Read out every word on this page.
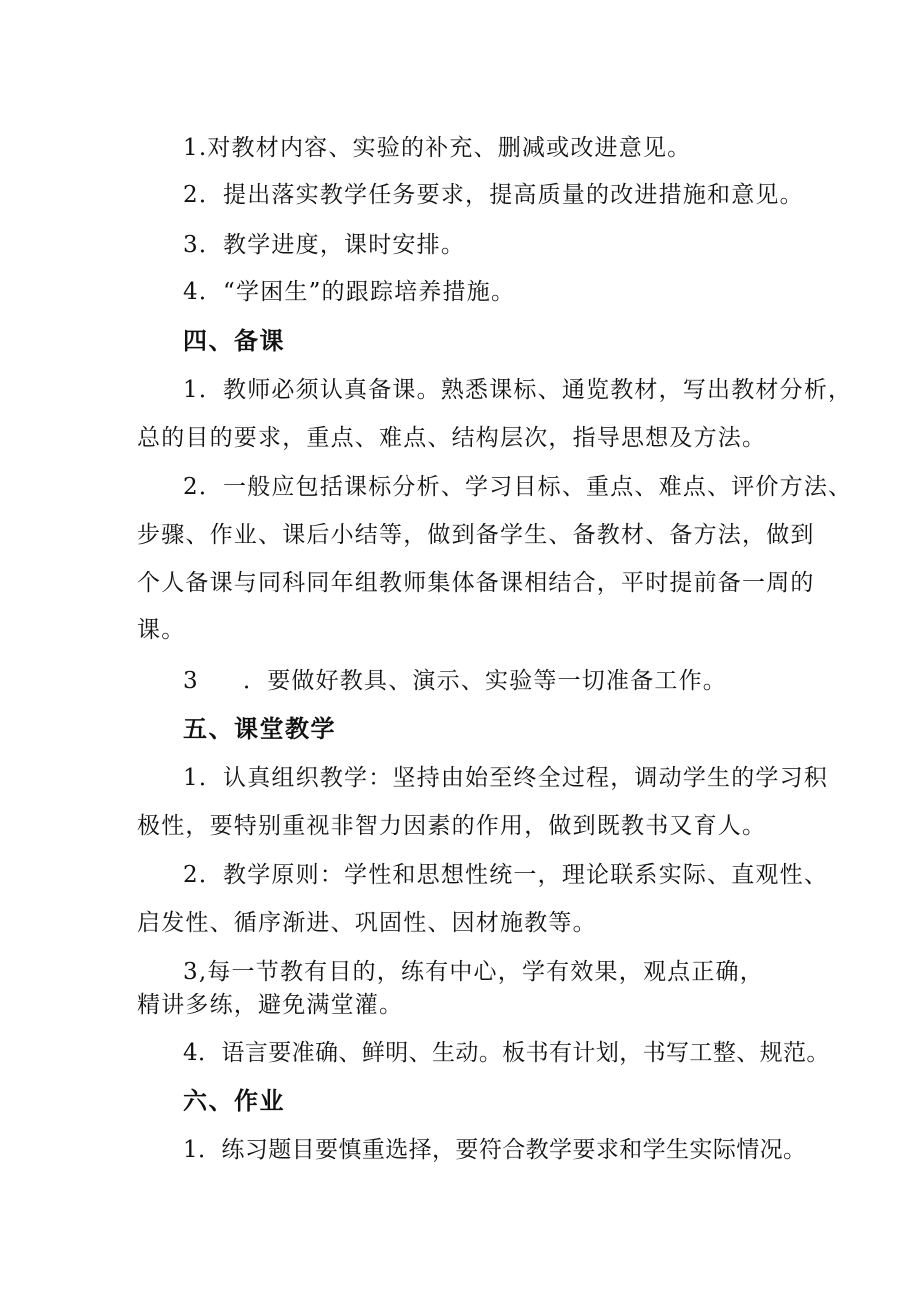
1.对教材内容、实验的补充、删减或改进意见。
2．提出落实教学任务要求，提高质量的改进措施和意见。
3．教学进度，课时安排。
4．“学困生”的跟踪培养措施。
四、备课
1．教师必须认真备课。熟悉课标、通览教材，写出教材分析，
总的目的要求，重点、难点、结构层次，指导思想及方法。
2．一般应包括课标分析、学习目标、重点、难点、评价方法、
步骤、作业、课后小结等，做到备学生、备教材、备方法，做到
个人备课与同科同年组教师集体备课相结合，平时提前备一周的
课。
3 ．要做好教具、演示、实验等一切准备工作。
五、课堂教学
1．认真组织教学：坚持由始至终全过程，调动学生的学习积
极性，要特别重视非智力因素的作用，做到既教书又育人。
2．教学原则：学性和思想性统一，理论联系实际、直观性、
启发性、循序渐进、巩固性、因材施教等。
3,每一节教有目的，练有中心，学有效果，观点正确，
精讲多练，避免满堂灌。
4．语言要准确、鲜明、生动。板书有计划，书写工整、规范。
六、作业
1．练习题目要慎重选择，要符合教学要求和学生实际情况。
